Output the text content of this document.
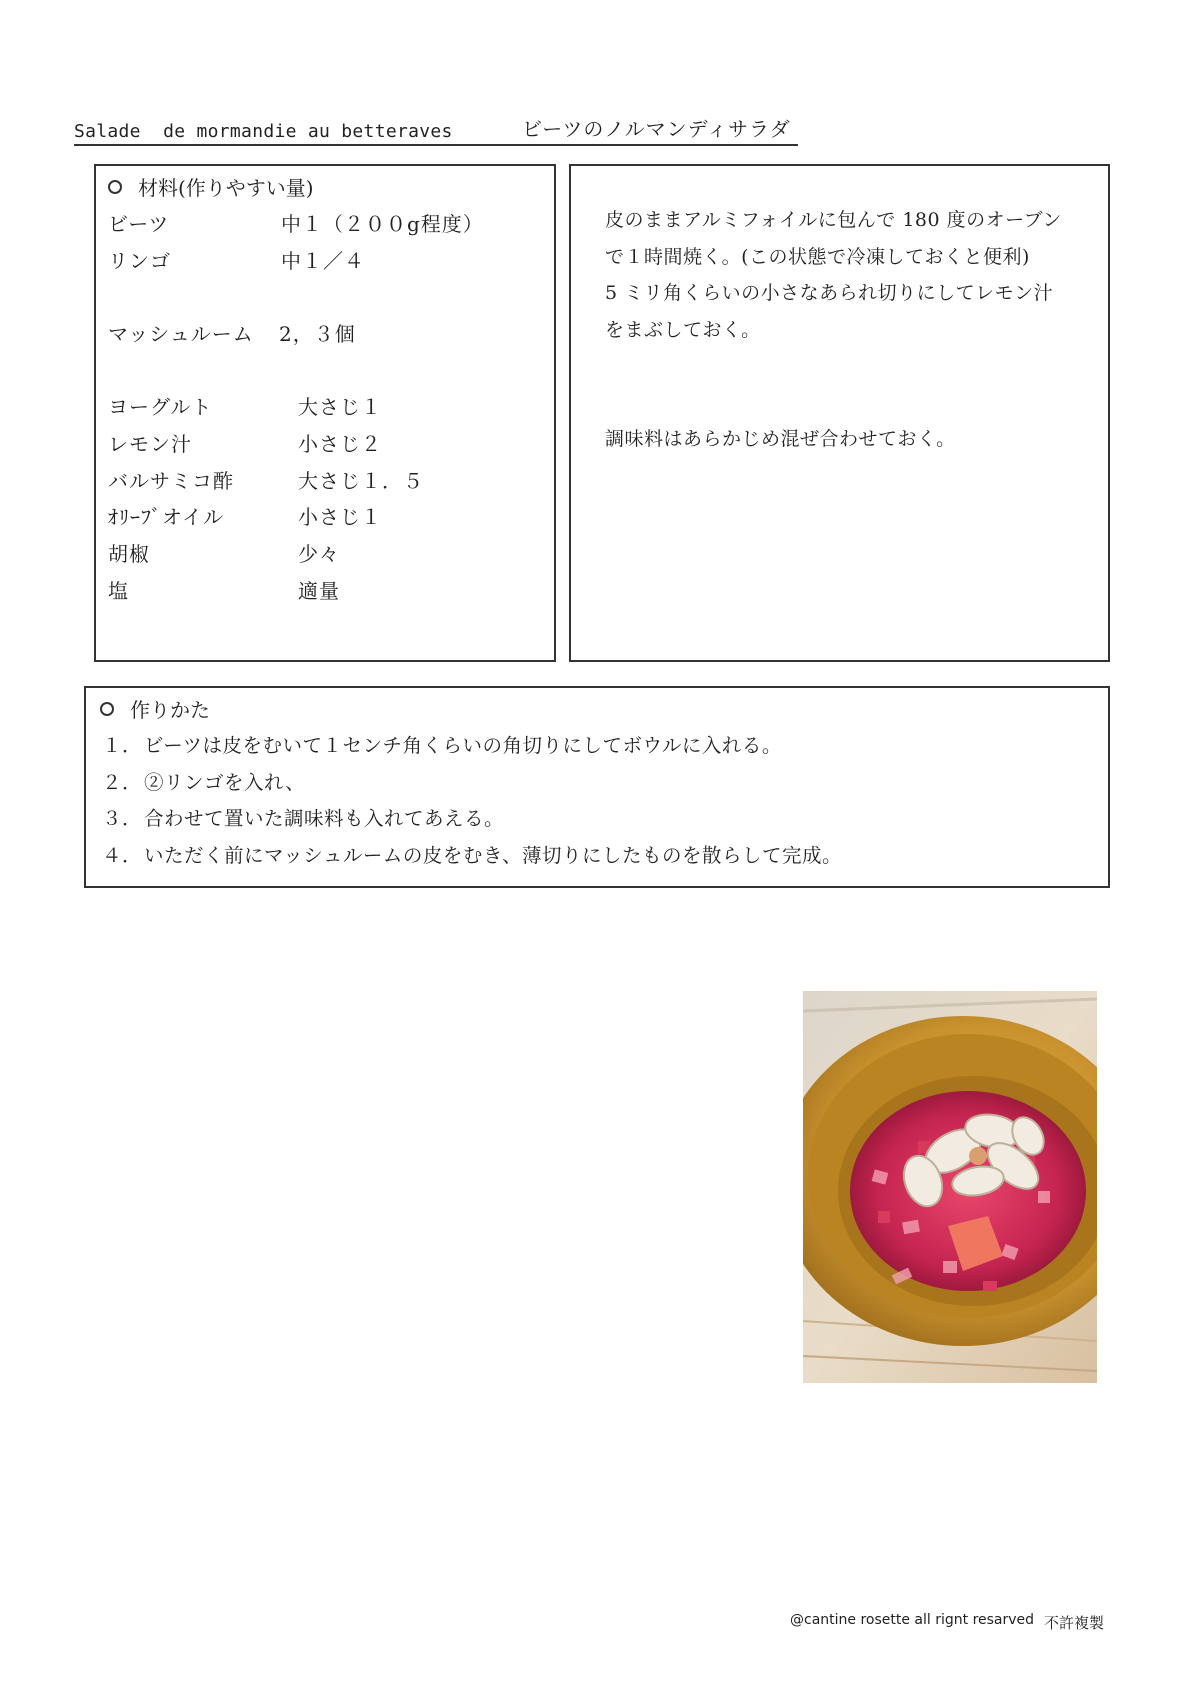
Salade  de mormandie au betteraves	ビーツのノルマンディサラダ
材料(作りやすい量)
ビーツ	中１（２００g程度）
リンゴ	中１／４
マッシュルーム 2，３個
ヨーグルト	大さじ１
レモン汁	小さじ２
バルサミコ酢	大さじ１．５
ｵﾘｰﾌﾞオイル	小さじ１
胡椒	少々
塩	適量

皮のままアルミフォイルに包んで 180 度のオーブン

で１時間焼く。(この状態で冷凍しておくと便利)

5 ミリ角くらいの小さなあられ切りにしてレモン汁

をまぶしておく。

調味料はあらかじめ混ぜ合わせておく。

作りかた
１． ビーツは皮をむいて１センチ角くらいの角切りにしてボウルに入れる。
２． ②リンゴを入れ、
３． 合わせて置いた調味料も入れてあえる。
４． いただく前にマッシュルームの皮をむき、薄切りにしたものを散らして完成。
@cantine rosette all rignt resarved 不許複製
